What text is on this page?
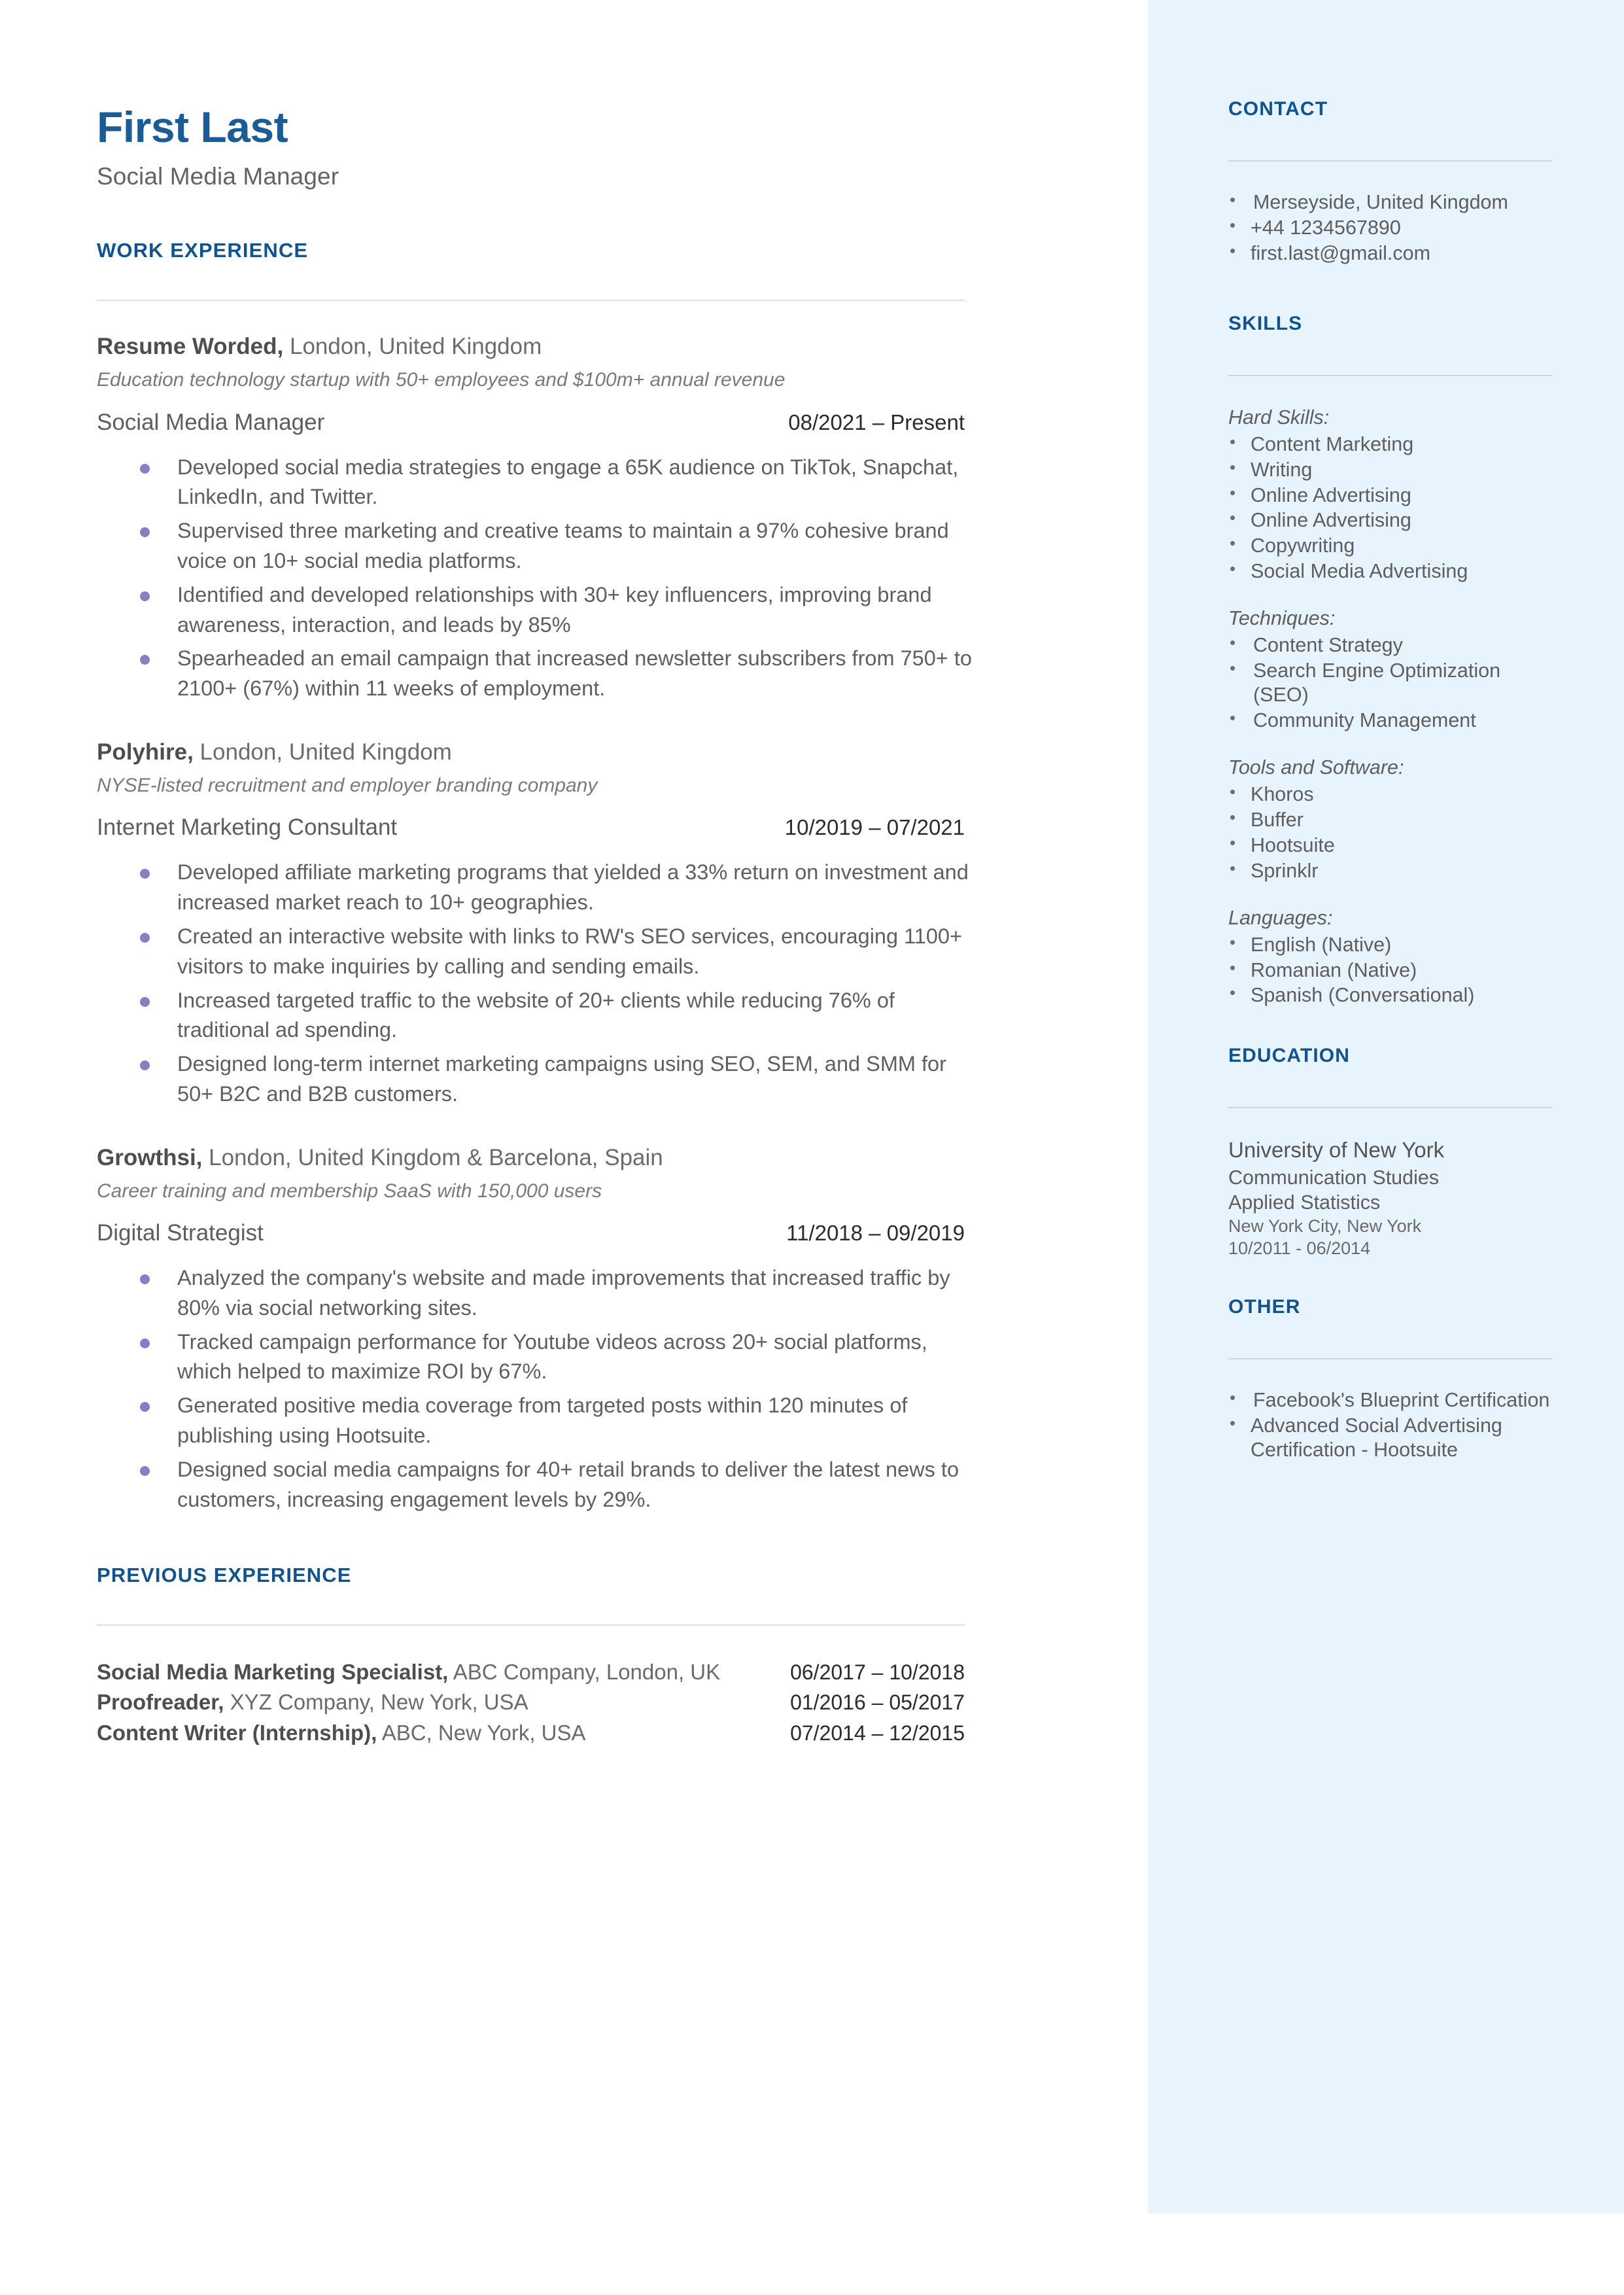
First Last
Social Media Manager
WORK EXPERIENCE
Resume Worded, London, United Kingdom
Education technology startup with 50+ employees and $100m+ annual revenue
Social Media Manager	08/2021 – Present
Developed social media strategies to engage a 65K audience on TikTok, Snapchat, LinkedIn, and Twitter.
Supervised three marketing and creative teams to maintain a 97% cohesive brand voice on 10+ social media platforms.
Identified and developed relationships with 30+ key influencers, improving brand awareness, interaction, and leads by 85%
Spearheaded an email campaign that increased newsletter subscribers from 750+ to 2100+ (67%) within 11 weeks of employment.
Polyhire, London, United Kingdom
NYSE-listed recruitment and employer branding company
Internet Marketing Consultant	10/2019 – 07/2021
Developed affiliate marketing programs that yielded a 33% return on investment and increased market reach to 10+ geographies.
Created an interactive website with links to RW's SEO services, encouraging 1100+ visitors to make inquiries by calling and sending emails.
Increased targeted traffic to the website of 20+ clients while reducing 76% of traditional ad spending.
Designed long-term internet marketing campaigns using SEO, SEM, and SMM for 50+ B2C and B2B customers.
Growthsi, London, United Kingdom & Barcelona, Spain
Career training and membership SaaS with 150,000 users
Digital Strategist	11/2018 – 09/2019
Analyzed the company's website and made improvements that increased traffic by 80% via social networking sites.
Tracked campaign performance for Youtube videos across 20+ social platforms, which helped to maximize ROI by 67%.
Generated positive media coverage from targeted posts within 120 minutes of publishing using Hootsuite.
Designed social media campaigns for 40+ retail brands to deliver the latest news to customers, increasing engagement levels by 29%.
PREVIOUS EXPERIENCE
Social Media Marketing Specialist, ABC Company, London, UK	06/2017 – 10/2018
Proofreader, XYZ Company, New York, USA	01/2016 – 05/2017
Content Writer (Internship), ABC, New York, USA	07/2014 – 12/2015
CONTACT
• Merseyside, United Kingdom
• +44 1234567890
• first.last@gmail.com
SKILLS
Hard Skills:
• Content Marketing
• Writing
• Online Advertising
• Online Advertising
• Copywriting
• Social Media Advertising
Techniques:
• Content Strategy
• Search Engine Optimization (SEO)
• Community Management
Tools and Software:
• Khoros
• Buffer
• Hootsuite
• Sprinklr
Languages:
• English (Native)
• Romanian (Native)
• Spanish (Conversational)
EDUCATION
University of New York
Communication Studies
Applied Statistics
New York City, New York
10/2011 - 06/2014
OTHER
• Facebook's Blueprint Certification
• Advanced Social Advertising Certification - Hootsuite
